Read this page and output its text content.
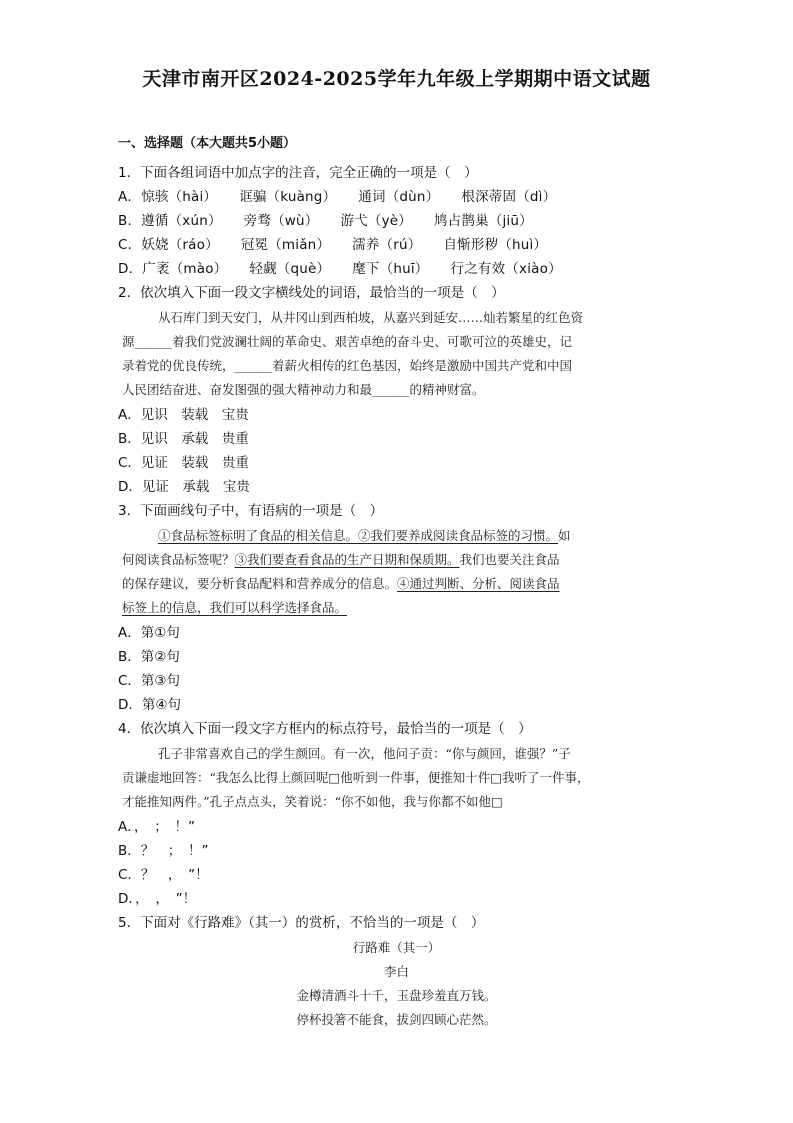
天津市南开区2024-2025学年九年级上学期期中语文试题
一、选择题（本大题共5小题）
1．下面各组词语中加点字的注音，完全正确的一项是（　）
A．惊骇（hài） 诓骗（kuàng） 通词（dùn） 根深蒂固（dì）
B．遵循（xún） 旁骛（wù） 游弋（yè） 鸠占鹊巢（jiū）
C．妖娆（ráo） 冠冕（miǎn） 濡养（rú） 自惭形秽（huì）
D．广袤（mào） 轻觑（què） 麾下（huī） 行之有效（xiào）
2．依次填入下面一段文字横线处的词语，最恰当的一项是（　）
从石库门到天安门，从井冈山到西柏坡，从嘉兴到延安……灿若繁星的红色资
源______着我们党波澜壮阔的革命史、艰苦卓绝的奋斗史、可歌可泣的英雄史，记
录着党的优良传统，______着薪火相传的红色基因，始终是激励中国共产党和中国
人民团结奋进、奋发图强的强大精神动力和最______的精神财富。
A．见识　装载　宝贵
B．见识　承载　贵重
C．见证　装载　贵重
D．见证　承载　宝贵
3．下面画线句子中，有语病的一项是（　）
①食品标签标明了食品的相关信息。②我们要养成阅读食品标签的习惯。如
何阅读食品标签呢？③我们要查看食品的生产日期和保质期。我们也要关注食品
的保存建议，要分析食品配料和营养成分的信息。④通过判断、分析、阅读食品
标签上的信息，我们可以科学选择食品。
A．第①句
B．第②句
C．第③句
D．第④句
4．依次填入下面一段文字方框内的标点符号，最恰当的一项是（　）
孔子非常喜欢自己的学生颜回。有一次，他问子贡：“你与颜回，谁强？”子
贡谦虚地回答：“我怎么比得上颜回呢□他听到一件事，便推知十件□我听了一件事，
才能推知两件。”孔子点点头，笑着说：“你不如他，我与你都不如他□
A．，　；　！”
B．？　；　！”
C．？　，　”！
D．，　，　”！
5．下面对《行路难》（其一）的赏析，不恰当的一项是（　）
行路难（其一）
李白
金樽清酒斗十千，玉盘珍羞直万钱。
停杯投箸不能食，拔剑四顾心茫然。
